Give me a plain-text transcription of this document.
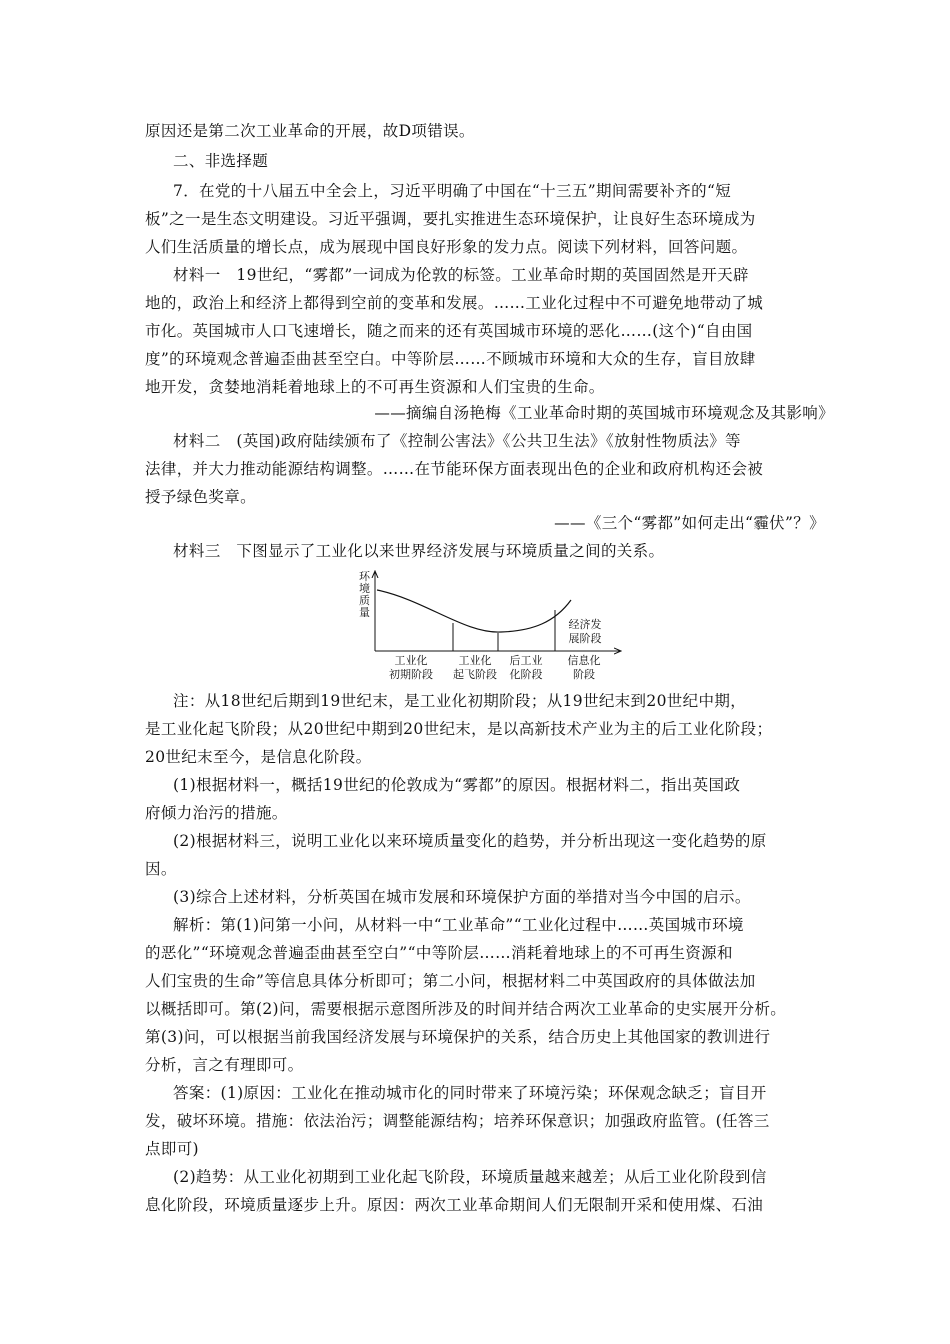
原因还是第二次工业革命的开展，故D项错误。
二、非选择题
7．在党的十八届五中全会上，习近平明确了中国在“十三五”期间需要补齐的“短
板”之一是生态文明建设。习近平强调，要扎实推进生态环境保护，让良好生态环境成为
人们生活质量的增长点，成为展现中国良好形象的发力点。阅读下列材料，回答问题。
材料一　19世纪，“雾都”一词成为伦敦的标签。工业革命时期的英国固然是开天辟
地的，政治上和经济上都得到空前的变革和发展。……工业化过程中不可避免地带动了城
市化。英国城市人口飞速增长，随之而来的还有英国城市环境的恶化……(这个)“自由国
度”的环境观念普遍歪曲甚至空白。中等阶层……不顾城市环境和大众的生存，盲目放肆
地开发，贪婪地消耗着地球上的不可再生资源和人们宝贵的生命。
——摘编自汤艳梅《工业革命时期的英国城市环境观念及其影响》
材料二　(英国)政府陆续颁布了《控制公害法》《公共卫生法》《放射性物质法》等
法律，并大力推动能源结构调整。……在节能环保方面表现出色的企业和政府机构还会被
授予绿色奖章。
——《三个“雾都”如何走出“霾伏”？》
材料三　下图显示了工业化以来世界经济发展与环境质量之间的关系。
环
境
质
量
经济发
展阶段
工业化
初期阶段
工业化
起飞阶段
后工业
化阶段
信息化
阶段
注：从18世纪后期到19世纪末，是工业化初期阶段；从19世纪末到20世纪中期，
是工业化起飞阶段；从20世纪中期到20世纪末，是以高新技术产业为主的后工业化阶段；
20世纪末至今，是信息化阶段。
(1)根据材料一，概括19世纪的伦敦成为“雾都”的原因。根据材料二，指出英国政
府倾力治污的措施。
(2)根据材料三，说明工业化以来环境质量变化的趋势，并分析出现这一变化趋势的原
因。
(3)综合上述材料，分析英国在城市发展和环境保护方面的举措对当今中国的启示。
解析：第(1)问第一小问，从材料一中“工业革命”“工业化过程中……英国城市环境
的恶化”“环境观念普遍歪曲甚至空白”“中等阶层……消耗着地球上的不可再生资源和
人们宝贵的生命”等信息具体分析即可；第二小问，根据材料二中英国政府的具体做法加
以概括即可。第(2)问，需要根据示意图所涉及的时间并结合两次工业革命的史实展开分析。
第(3)问，可以根据当前我国经济发展与环境保护的关系，结合历史上其他国家的教训进行
分析，言之有理即可。
答案：(1)原因：工业化在推动城市化的同时带来了环境污染；环保观念缺乏；盲目开
发，破坏环境。措施：依法治污；调整能源结构；培养环保意识；加强政府监管。(任答三
点即可)
(2)趋势：从工业化初期到工业化起飞阶段，环境质量越来越差；从后工业化阶段到信
息化阶段，环境质量逐步上升。原因：两次工业革命期间人们无限制开采和使用煤、石油
